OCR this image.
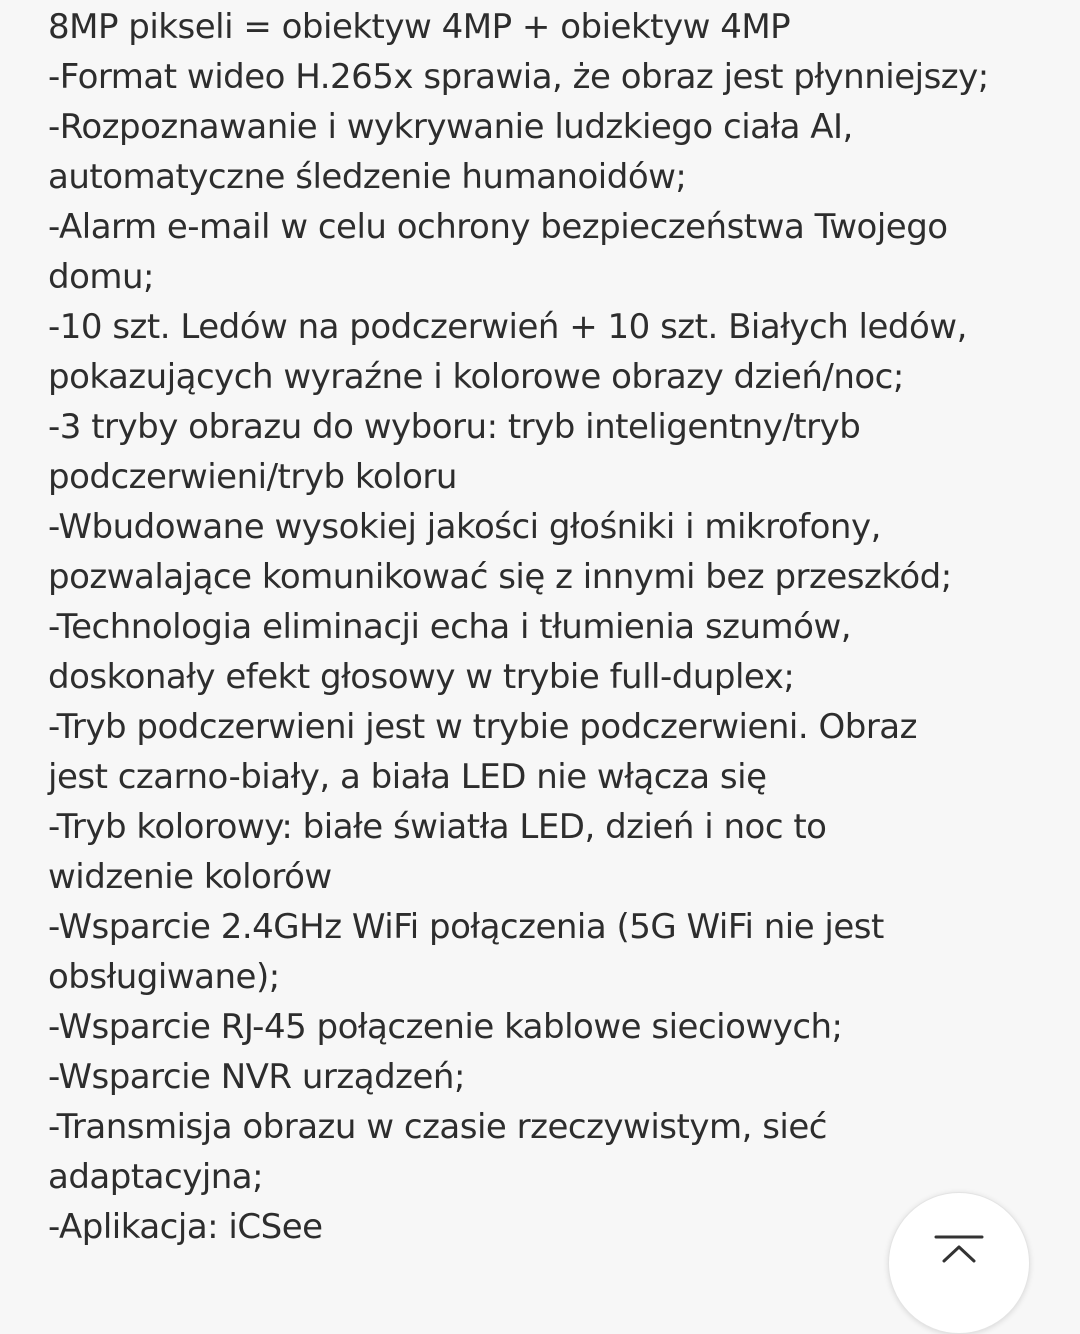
8MP pikseli = obiektyw 4MP + obiektyw 4MP
-Format wideo H.265x sprawia, że obraz jest płynniejszy;
-Rozpoznawanie i wykrywanie ludzkiego ciała AI,
automatyczne śledzenie humanoidów;
-Alarm e-mail w celu ochrony bezpieczeństwa Twojego
domu;
-10 szt. Ledów na podczerwień + 10 szt. Białych ledów,
pokazujących wyraźne i kolorowe obrazy dzień/noc;
-3 tryby obrazu do wyboru: tryb inteligentny/tryb
podczerwieni/tryb koloru
-Wbudowane wysokiej jakości głośniki i mikrofony,
pozwalające komunikować się z innymi bez przeszkód;
-Technologia eliminacji echa i tłumienia szumów,
doskonały efekt głosowy w trybie full-duplex;
-Tryb podczerwieni jest w trybie podczerwieni. Obraz
jest czarno-biały, a biała LED nie włącza się
-Tryb kolorowy: białe światła LED, dzień i noc to
widzenie kolorów
-Wsparcie 2.4GHz WiFi połączenia (5G WiFi nie jest
obsługiwane);
-Wsparcie RJ-45 połączenie kablowe sieciowych;
-Wsparcie NVR urządzeń;
-Transmisja obrazu w czasie rzeczywistym, sieć
adaptacyjna;
-Aplikacja: iCSee
